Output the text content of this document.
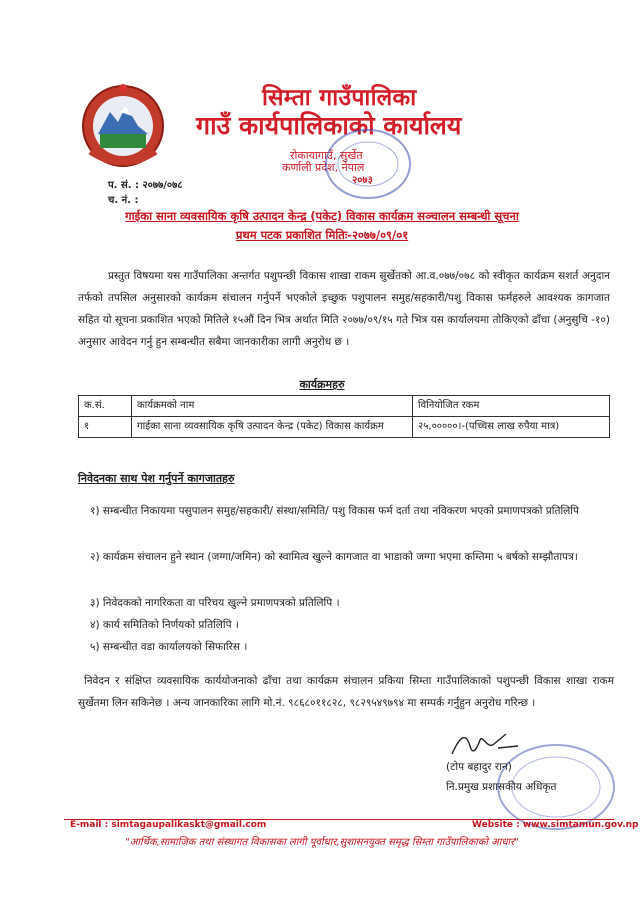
सिम्ता गाउँपालिका
गाउँ कार्यपालिकाको कार्यालय
रोकायागाउँ, सुर्खेत
कर्णाली प्रदेश, नेपाल
२०७३
प. सं. : २०७७/०७८
च. नं. :
गाईका साना व्यवसायिक कृषि उत्पादन केन्द्र (पकेट) विकास कार्यक्रम सञ्चालन सम्बन्धी सूचना
प्रथम पटक प्रकाशित मितिः-२०७७/०९/०१
प्रस्तुत विषयमा यस गाउँपालिका अन्तर्गत पशुपन्छी विकास शाखा राकम सुर्खेतको आ.व.०७७/०७८ को स्वीकृत कार्यक्रम सशर्त अनुदान तर्फको तपसिल अनुसारको कार्यक्रम संचालन गर्नुपर्ने भएकोले इच्छुक पशुपालन समुह/सहकारी/पशु विकास फर्महरुले आवश्यक कागजात सहित यो सूचना प्रकाशित भएको मितिले १५औं दिन भित्र अर्थात मिति २०७७/०९/१५ गते भित्र यस कार्यालयमा तोकिएको ढाँचा (अनुसुचि -१०) अनुसार आवेदन गर्नु हुन सम्बन्धीत सबैमा जानकारीका लागी अनुरोध छ ।
कार्यक्रमहरु
क.सं.	कार्यक्रमको नाम	विनियोजित रकम
१	गाईका साना व्यवसायिक कृषि उत्पादन केन्द्र (पकेट) विकास कार्यक्रम	२५,०००००।-(पच्चिस लाख रुपैया मात्र)
निवेदनका साथ पेश गर्नुपर्ने कागजातहरु
१) सम्बन्धीत निकायमा पसुपालन समुह/सहकारी/ संस्था/समिति/ पशु विकास फर्म दर्ता तथा नविकरण भएको प्रमाणपत्रको प्रतिलिपि
२) कार्यक्रम संचालन हुने स्थान (जग्गा/जमिन) को स्वामित्व खुल्ने कागजात वा भाडाको जग्गा भएमा कम्तिमा ५ बर्षको सम्झौतापत्र।
३) निवेदकको नागरिकता वा परिचय खुल्ने प्रमाणपत्रको प्रतिलिपि ।
४) कार्य समितिको निर्णयको प्रतिलिपि ।
५) सम्बन्धीत वडा कार्यालयको सिफारिस ।
निवेदन र संक्षिप्त व्यवसायिक कार्ययोजनाको ढाँचा तथा कार्यक्रम संचालन प्रकिया सिम्ता गाउँपालिकाको पशुपन्छी विकास शाखा राकम सुर्खेतमा लिन सकिनेछ । अन्य जानकारिका लागि मो.नं. ९८६८०११८२८, ९८२९५४९७९४ मा सम्पर्क गर्नुहुन अनुरोध गरिन्छ ।
(टोप बहादुर रान)
नि.प्रमुख प्रशासकीय अधिकृत
E-mail : simtagaupalikaskt@gmail.com	Website : www.simtamun.gov.np
"आर्थिक,सामाजिक तथा संस्थागत विकासका लागी पूर्वाधार,सुशासनयुक्त समृद्ध सिम्ता गाउँपालिकाको आधार"
